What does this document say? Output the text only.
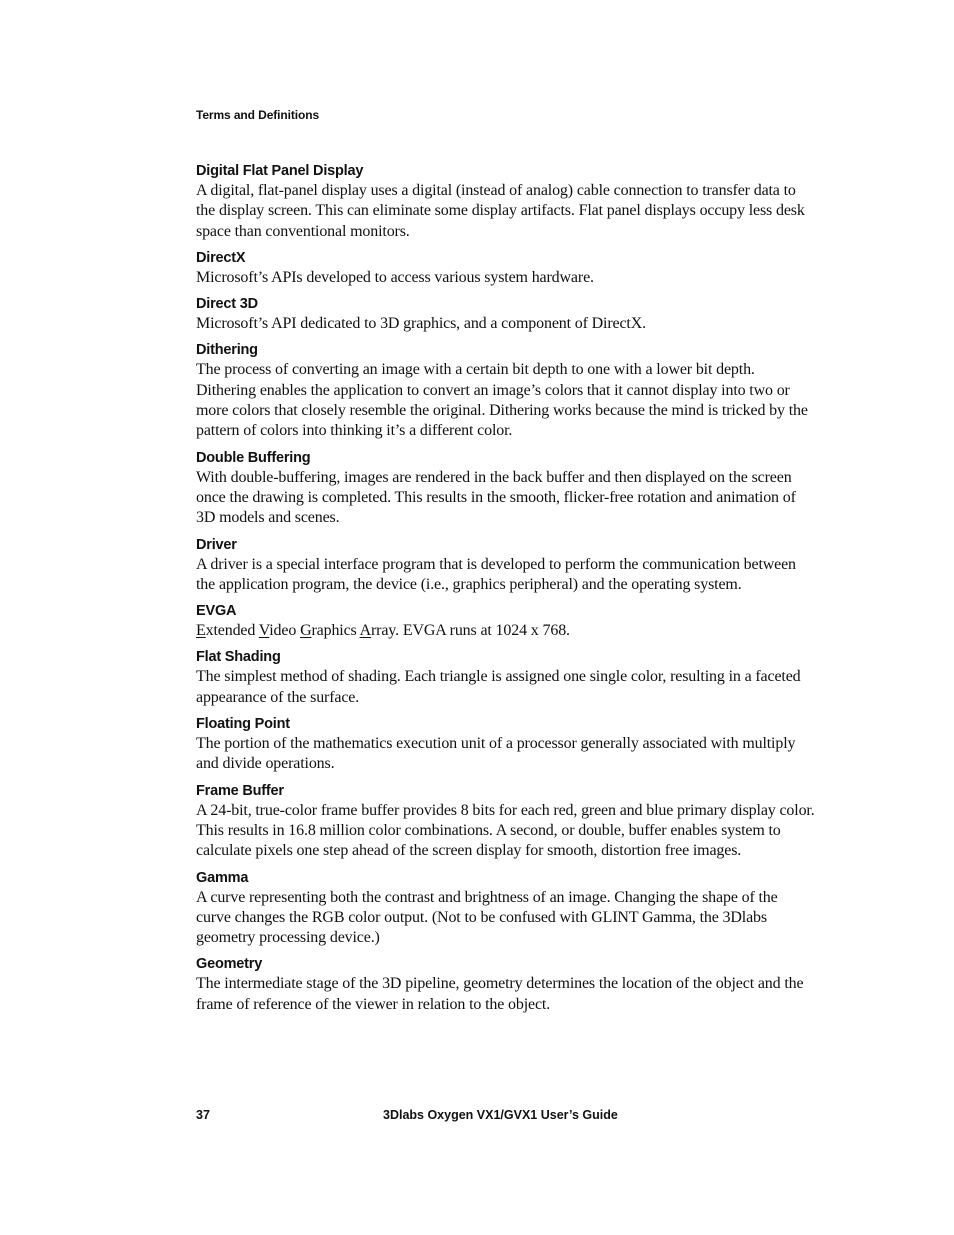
Terms and Definitions
Digital Flat Panel Display
A digital, flat-panel display uses a digital (instead of analog) cable connection to transfer data to the display screen. This can eliminate some display artifacts. Flat panel displays occupy less desk space than conventional monitors.
DirectX
Microsoft’s APIs developed to access various system hardware.
Direct 3D
Microsoft’s API dedicated to 3D graphics, and a component of DirectX.
Dithering
The process of converting an image with a certain bit depth to one with a lower bit depth. Dithering enables the application to convert an image’s colors that it cannot display into two or more colors that closely resemble the original. Dithering works because the mind is tricked by the pattern of colors into thinking it’s a different color.
Double Buffering
With double-buffering, images are rendered in the back buffer and then displayed on the screen once the drawing is completed. This results in the smooth, flicker-free rotation and animation of 3D models and scenes.
Driver
A driver is a special interface program that is developed to perform the communication between the application program, the device (i.e., graphics peripheral) and the operating system.
EVGA
Extended Video Graphics Array. EVGA runs at 1024 x 768.
Flat Shading
The simplest method of shading. Each triangle is assigned one single color, resulting in a faceted appearance of the surface.
Floating Point
The portion of the mathematics execution unit of a processor generally associated with multiply and divide operations.
Frame Buffer
A 24-bit, true-color frame buffer provides 8 bits for each red, green and blue primary display color. This results in 16.8 million color combinations. A second, or double, buffer enables system to calculate pixels one step ahead of the screen display for smooth, distortion free images.
Gamma
A curve representing both the contrast and brightness of an image. Changing the shape of the curve changes the RGB color output. (Not to be confused with GLINT Gamma, the 3Dlabs geometry processing device.)
Geometry
The intermediate stage of the 3D pipeline, geometry determines the location of the object and the frame of reference of the viewer in relation to the object.
37	3Dlabs Oxygen VX1/GVX1 User’s Guide
